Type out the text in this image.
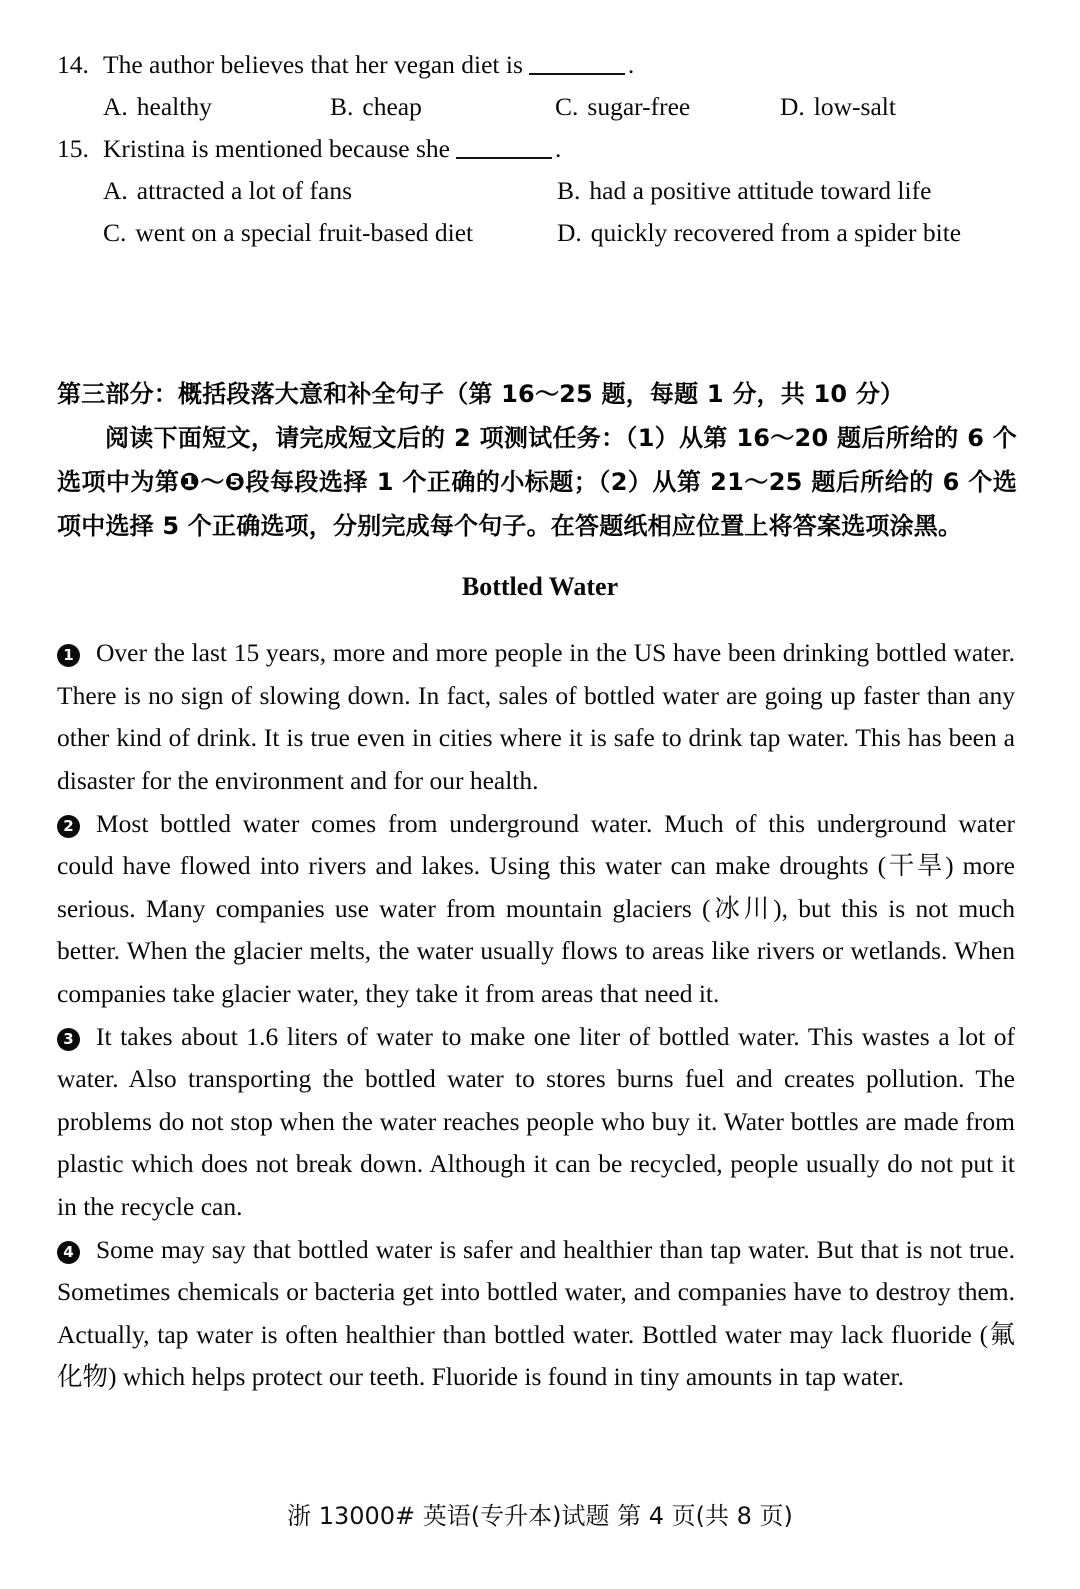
14. The author believes that her vegan diet is	.
A. healthy	B. cheap	C. sugar-free	D. low-salt
15. Kristina is mentioned because she	.
A. attracted a lot of fans	B. had a positive attitude toward life
C. went on a special fruit-based diet	D. quickly recovered from a spider bite
第三部分：概括段落大意和补全句子（第 16～25 题，每题 1 分，共 10 分）
阅读下面短文，请完成短文后的 2 项测试任务：（1）从第 16～20 题后所给的 6 个选项中为第❶～❺段每段选择 1 个正确的小标题；（2）从第 21～25 题后所给的 6 个选项中选择 5 个正确选项，分别完成每个句子。在答题纸相应位置上将答案选项涂黑。
Bottled Water

1 Over the last 15 years, more and more people in the US have been drinking bottled water. There is no sign of slowing down. In fact, sales of bottled water are going up faster than any other kind of drink. It is true even in cities where it is safe to drink tap water. This has been a disaster for the environment and for our health.

2 Most bottled water comes from underground water. Much of this underground water could have flowed into rivers and lakes. Using this water can make droughts (干旱) more serious. Many companies use water from mountain glaciers (冰川), but this is not much better. When the glacier melts, the water usually flows to areas like rivers or wetlands. When companies take glacier water, they take it from areas that need it.

3 It takes about 1.6 liters of water to make one liter of bottled water. This wastes a lot of water. Also transporting the bottled water to stores burns fuel and creates pollution. The problems do not stop when the water reaches people who buy it. Water bottles are made from plastic which does not break down. Although it can be recycled, people usually do not put it in the recycle can.

4 Some may say that bottled water is safer and healthier than tap water. But that is not true. Sometimes chemicals or bacteria get into bottled water, and companies have to destroy them. Actually, tap water is often healthier than bottled water. Bottled water may lack fluoride (氟化物) which helps protect our teeth. Fluoride is found in tiny amounts in tap water.

浙 13000# 英语(专升本)试题 第 4 页(共 8 页)
